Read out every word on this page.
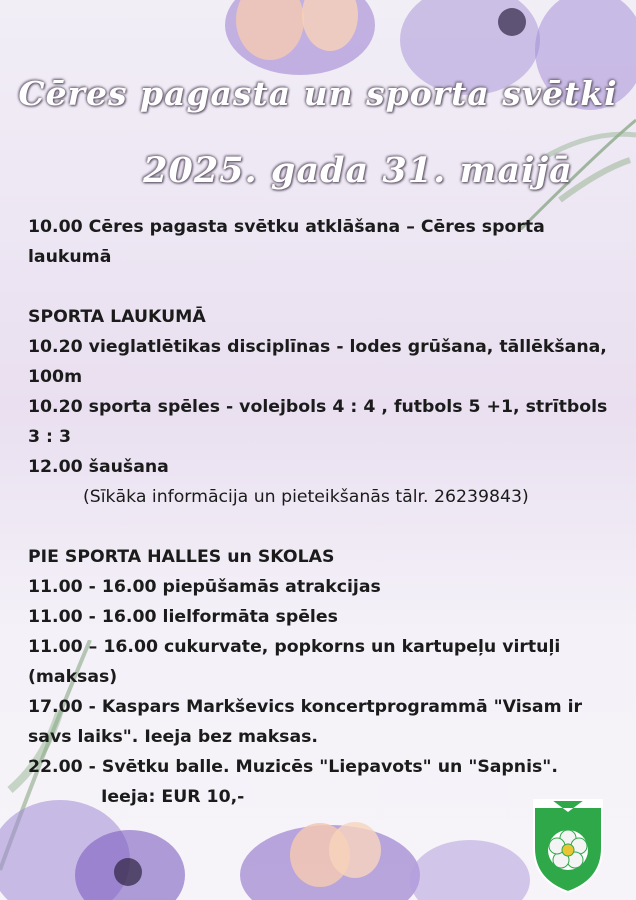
Cēres pagasta un sporta svētki
2025. gada 31. maijā

10.00 Cēres pagasta svētku atklāšana – Cēres sporta laukumā

SPORTA LAUKUMĀ

10.20 vieglatlētikas disciplīnas - lodes grūšana, tāllēkšana, 100m

10.20 sporta spēles - volejbols 4 : 4 , futbols 5 +1, strītbols 3 : 3

12.00 šaušana

(Sīkāka informācija un pieteikšanās tālr. 26239843)

PIE SPORTA HALLES un SKOLAS

11.00 - 16.00 piepūšamās atrakcijas

11.00 - 16.00 lielformāta spēles

11.00 – 16.00 cukurvate, popkorns un kartupeļu virtuļi (maksas)

17.00 - Kaspars Markševics koncertprogrammā "Visam ir savs laiks". Ieeja bez maksas.

22.00 - Svētku balle. Muzicēs "Liepavots" un "Sapnis".

Ieeja: EUR 10,-
